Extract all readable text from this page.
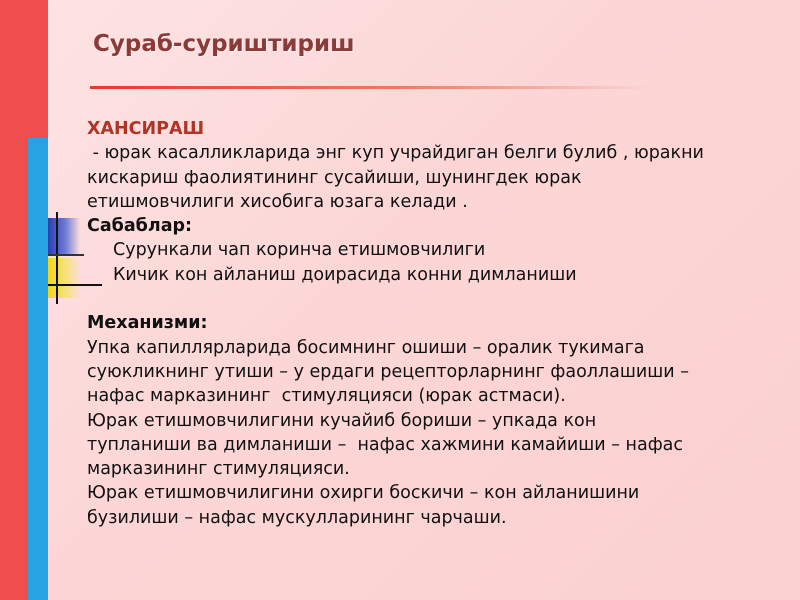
Сураб-суриштириш

ХАНСИРАШ

- юрак касалликларида энг куп учрайдиган белги булиб , юракни

кискариш фаолиятининг сусайиши, шунингдек юрак

етишмовчилиги хисобига юзага келади .

Сабаблар:

Сурункали чап коринча етишмовчилиги

Кичик кон айланиш доирасида конни димланиши

Механизми:

Упка капиллярларида босимнинг ошиши – оралик тукимага

суюкликнинг утиши – у ердаги рецепторларнинг фаоллашиши –

нафас марказининг  стимуляцияси (юрак астмаси).

Юрак етишмовчилигини кучайиб бориши – упкада кон

тупланиши ва димланиши –  нафас хажмини камайиши – нафас

марказининг стимуляцияси.

Юрак етишмовчилигини охирги боскичи – кон айланишини

бузилиши – нафас мускулларининг чарчаши.
